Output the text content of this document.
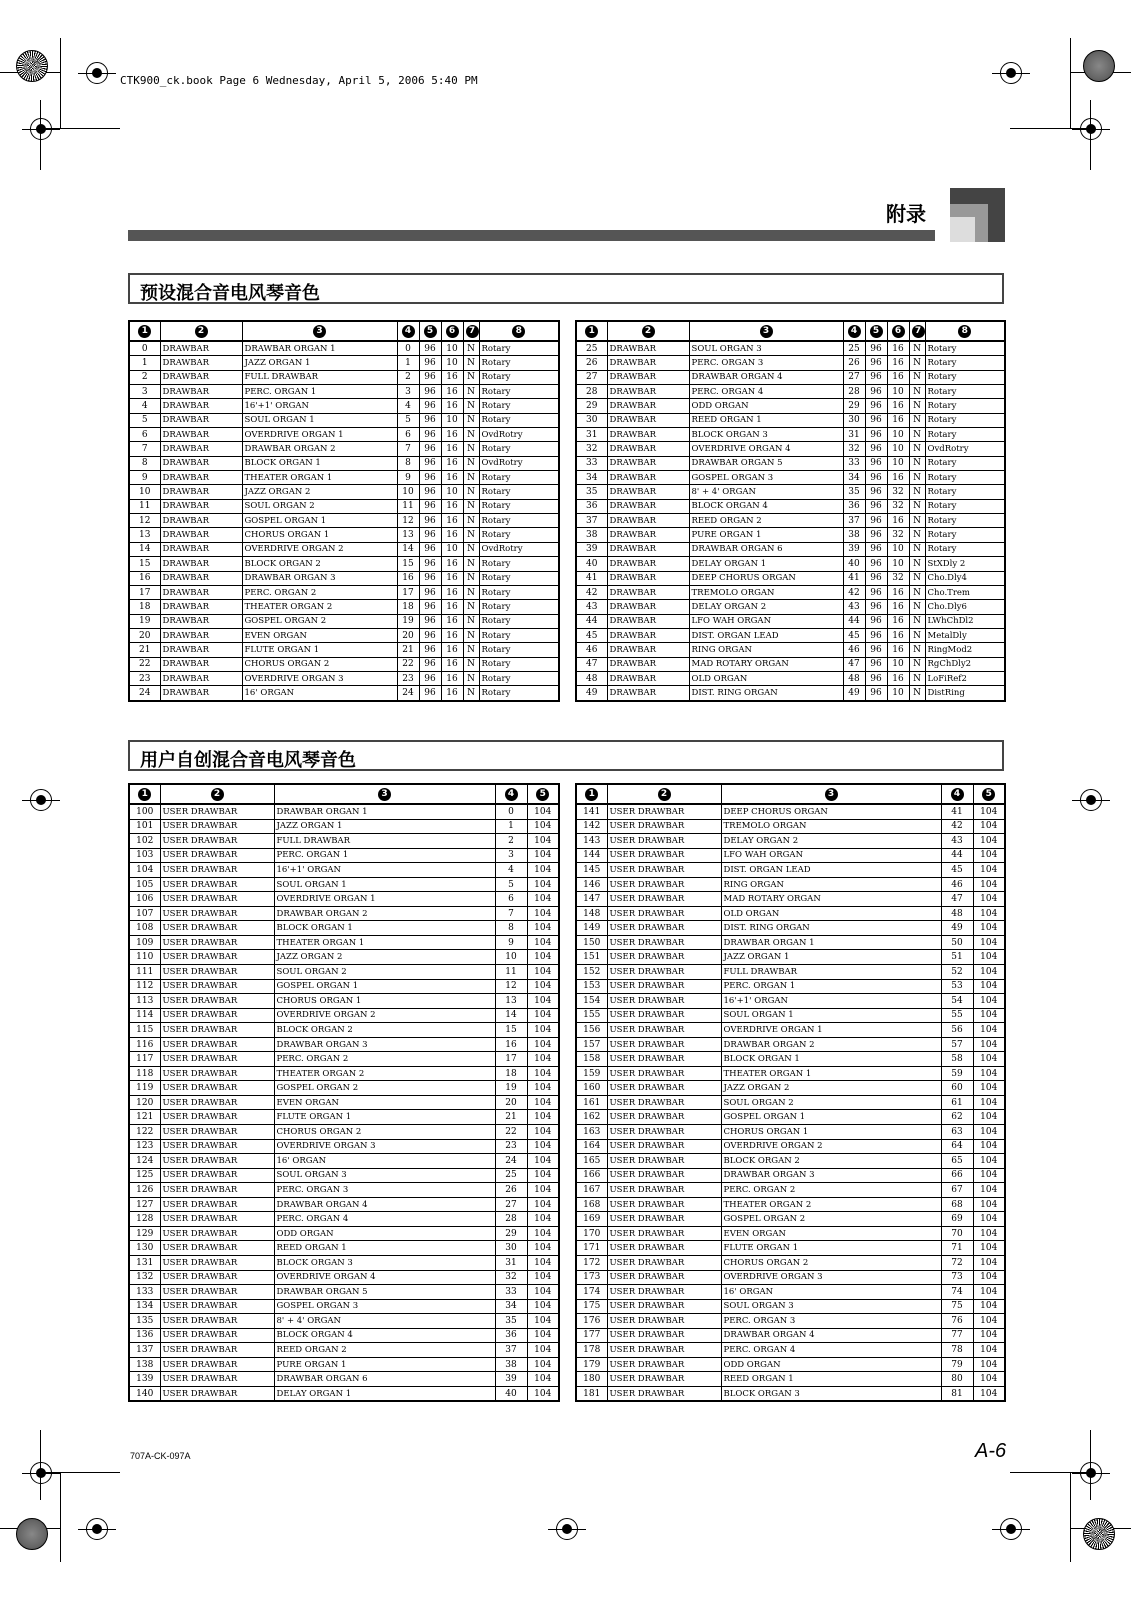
CTK900_ck.book Page 6 Wednesday, April 5, 2006 5:40 PM
附录
预设混合音电风琴音色
1	2	3	4	5	6	7	8
0	DRAWBAR	DRAWBAR ORGAN 1	0	96	10	N	Rotary
1	DRAWBAR	JAZZ ORGAN 1	1	96	10	N	Rotary
2	DRAWBAR	FULL DRAWBAR	2	96	16	N	Rotary
3	DRAWBAR	PERC. ORGAN 1	3	96	16	N	Rotary
4	DRAWBAR	16'+1' ORGAN	4	96	16	N	Rotary
5	DRAWBAR	SOUL ORGAN 1	5	96	10	N	Rotary
6	DRAWBAR	OVERDRIVE ORGAN 1	6	96	16	N	OvdRotry
7	DRAWBAR	DRAWBAR ORGAN 2	7	96	16	N	Rotary
8	DRAWBAR	BLOCK ORGAN 1	8	96	16	N	OvdRotry
9	DRAWBAR	THEATER ORGAN 1	9	96	16	N	Rotary
10	DRAWBAR	JAZZ ORGAN 2	10	96	10	N	Rotary
11	DRAWBAR	SOUL ORGAN 2	11	96	16	N	Rotary
12	DRAWBAR	GOSPEL ORGAN 1	12	96	16	N	Rotary
13	DRAWBAR	CHORUS ORGAN 1	13	96	16	N	Rotary
14	DRAWBAR	OVERDRIVE ORGAN 2	14	96	10	N	OvdRotry
15	DRAWBAR	BLOCK ORGAN 2	15	96	16	N	Rotary
16	DRAWBAR	DRAWBAR ORGAN 3	16	96	16	N	Rotary
17	DRAWBAR	PERC. ORGAN 2	17	96	16	N	Rotary
18	DRAWBAR	THEATER ORGAN 2	18	96	16	N	Rotary
19	DRAWBAR	GOSPEL ORGAN 2	19	96	16	N	Rotary
20	DRAWBAR	EVEN ORGAN	20	96	16	N	Rotary
21	DRAWBAR	FLUTE ORGAN 1	21	96	16	N	Rotary
22	DRAWBAR	CHORUS ORGAN 2	22	96	16	N	Rotary
23	DRAWBAR	OVERDRIVE ORGAN 3	23	96	16	N	Rotary
24	DRAWBAR	16' ORGAN	24	96	16	N	Rotary
1	2	3	4	5	6	7	8
25	DRAWBAR	SOUL ORGAN 3	25	96	16	N	Rotary
26	DRAWBAR	PERC. ORGAN 3	26	96	16	N	Rotary
27	DRAWBAR	DRAWBAR ORGAN 4	27	96	16	N	Rotary
28	DRAWBAR	PERC. ORGAN 4	28	96	10	N	Rotary
29	DRAWBAR	ODD ORGAN	29	96	16	N	Rotary
30	DRAWBAR	REED ORGAN 1	30	96	16	N	Rotary
31	DRAWBAR	BLOCK ORGAN 3	31	96	10	N	Rotary
32	DRAWBAR	OVERDRIVE ORGAN 4	32	96	10	N	OvdRotry
33	DRAWBAR	DRAWBAR ORGAN 5	33	96	10	N	Rotary
34	DRAWBAR	GOSPEL ORGAN 3	34	96	16	N	Rotary
35	DRAWBAR	8' + 4' ORGAN	35	96	32	N	Rotary
36	DRAWBAR	BLOCK ORGAN 4	36	96	32	N	Rotary
37	DRAWBAR	REED ORGAN 2	37	96	16	N	Rotary
38	DRAWBAR	PURE ORGAN 1	38	96	32	N	Rotary
39	DRAWBAR	DRAWBAR ORGAN 6	39	96	10	N	Rotary
40	DRAWBAR	DELAY ORGAN 1	40	96	10	N	StXDly 2
41	DRAWBAR	DEEP CHORUS ORGAN	41	96	32	N	Cho.Dly4
42	DRAWBAR	TREMOLO ORGAN	42	96	16	N	Cho.Trem
43	DRAWBAR	DELAY ORGAN 2	43	96	16	N	Cho.Dly6
44	DRAWBAR	LFO WAH ORGAN	44	96	16	N	LWhChDl2
45	DRAWBAR	DIST. ORGAN LEAD	45	96	16	N	MetalDly
46	DRAWBAR	RING ORGAN	46	96	16	N	RingMod2
47	DRAWBAR	MAD ROTARY ORGAN	47	96	10	N	RgChDly2
48	DRAWBAR	OLD ORGAN	48	96	16	N	LoFiRef2
49	DRAWBAR	DIST. RING ORGAN	49	96	10	N	DistRing
用户自创混合音电风琴音色
1	2	3	4	5
100	USER DRAWBAR	DRAWBAR ORGAN 1	0	104
101	USER DRAWBAR	JAZZ ORGAN 1	1	104
102	USER DRAWBAR	FULL DRAWBAR	2	104
103	USER DRAWBAR	PERC. ORGAN 1	3	104
104	USER DRAWBAR	16'+1' ORGAN	4	104
105	USER DRAWBAR	SOUL ORGAN 1	5	104
106	USER DRAWBAR	OVERDRIVE ORGAN 1	6	104
107	USER DRAWBAR	DRAWBAR ORGAN 2	7	104
108	USER DRAWBAR	BLOCK ORGAN 1	8	104
109	USER DRAWBAR	THEATER ORGAN 1	9	104
110	USER DRAWBAR	JAZZ ORGAN 2	10	104
111	USER DRAWBAR	SOUL ORGAN 2	11	104
112	USER DRAWBAR	GOSPEL ORGAN 1	12	104
113	USER DRAWBAR	CHORUS ORGAN 1	13	104
114	USER DRAWBAR	OVERDRIVE ORGAN 2	14	104
115	USER DRAWBAR	BLOCK ORGAN 2	15	104
116	USER DRAWBAR	DRAWBAR ORGAN 3	16	104
117	USER DRAWBAR	PERC. ORGAN 2	17	104
118	USER DRAWBAR	THEATER ORGAN 2	18	104
119	USER DRAWBAR	GOSPEL ORGAN 2	19	104
120	USER DRAWBAR	EVEN ORGAN	20	104
121	USER DRAWBAR	FLUTE ORGAN 1	21	104
122	USER DRAWBAR	CHORUS ORGAN 2	22	104
123	USER DRAWBAR	OVERDRIVE ORGAN 3	23	104
124	USER DRAWBAR	16' ORGAN	24	104
125	USER DRAWBAR	SOUL ORGAN 3	25	104
126	USER DRAWBAR	PERC. ORGAN 3	26	104
127	USER DRAWBAR	DRAWBAR ORGAN 4	27	104
128	USER DRAWBAR	PERC. ORGAN 4	28	104
129	USER DRAWBAR	ODD ORGAN	29	104
130	USER DRAWBAR	REED ORGAN 1	30	104
131	USER DRAWBAR	BLOCK ORGAN 3	31	104
132	USER DRAWBAR	OVERDRIVE ORGAN 4	32	104
133	USER DRAWBAR	DRAWBAR ORGAN 5	33	104
134	USER DRAWBAR	GOSPEL ORGAN 3	34	104
135	USER DRAWBAR	8' + 4' ORGAN	35	104
136	USER DRAWBAR	BLOCK ORGAN 4	36	104
137	USER DRAWBAR	REED ORGAN 2	37	104
138	USER DRAWBAR	PURE ORGAN 1	38	104
139	USER DRAWBAR	DRAWBAR ORGAN 6	39	104
140	USER DRAWBAR	DELAY ORGAN 1	40	104
1	2	3	4	5
141	USER DRAWBAR	DEEP CHORUS ORGAN	41	104
142	USER DRAWBAR	TREMOLO ORGAN	42	104
143	USER DRAWBAR	DELAY ORGAN 2	43	104
144	USER DRAWBAR	LFO WAH ORGAN	44	104
145	USER DRAWBAR	DIST. ORGAN LEAD	45	104
146	USER DRAWBAR	RING ORGAN	46	104
147	USER DRAWBAR	MAD ROTARY ORGAN	47	104
148	USER DRAWBAR	OLD ORGAN	48	104
149	USER DRAWBAR	DIST. RING ORGAN	49	104
150	USER DRAWBAR	DRAWBAR ORGAN 1	50	104
151	USER DRAWBAR	JAZZ ORGAN 1	51	104
152	USER DRAWBAR	FULL DRAWBAR	52	104
153	USER DRAWBAR	PERC. ORGAN 1	53	104
154	USER DRAWBAR	16'+1' ORGAN	54	104
155	USER DRAWBAR	SOUL ORGAN 1	55	104
156	USER DRAWBAR	OVERDRIVE ORGAN 1	56	104
157	USER DRAWBAR	DRAWBAR ORGAN 2	57	104
158	USER DRAWBAR	BLOCK ORGAN 1	58	104
159	USER DRAWBAR	THEATER ORGAN 1	59	104
160	USER DRAWBAR	JAZZ ORGAN 2	60	104
161	USER DRAWBAR	SOUL ORGAN 2	61	104
162	USER DRAWBAR	GOSPEL ORGAN 1	62	104
163	USER DRAWBAR	CHORUS ORGAN 1	63	104
164	USER DRAWBAR	OVERDRIVE ORGAN 2	64	104
165	USER DRAWBAR	BLOCK ORGAN 2	65	104
166	USER DRAWBAR	DRAWBAR ORGAN 3	66	104
167	USER DRAWBAR	PERC. ORGAN 2	67	104
168	USER DRAWBAR	THEATER ORGAN 2	68	104
169	USER DRAWBAR	GOSPEL ORGAN 2	69	104
170	USER DRAWBAR	EVEN ORGAN	70	104
171	USER DRAWBAR	FLUTE ORGAN 1	71	104
172	USER DRAWBAR	CHORUS ORGAN 2	72	104
173	USER DRAWBAR	OVERDRIVE ORGAN 3	73	104
174	USER DRAWBAR	16' ORGAN	74	104
175	USER DRAWBAR	SOUL ORGAN 3	75	104
176	USER DRAWBAR	PERC. ORGAN 3	76	104
177	USER DRAWBAR	DRAWBAR ORGAN 4	77	104
178	USER DRAWBAR	PERC. ORGAN 4	78	104
179	USER DRAWBAR	ODD ORGAN	79	104
180	USER DRAWBAR	REED ORGAN 1	80	104
181	USER DRAWBAR	BLOCK ORGAN 3	81	104
707A-CK-097A	A-6
